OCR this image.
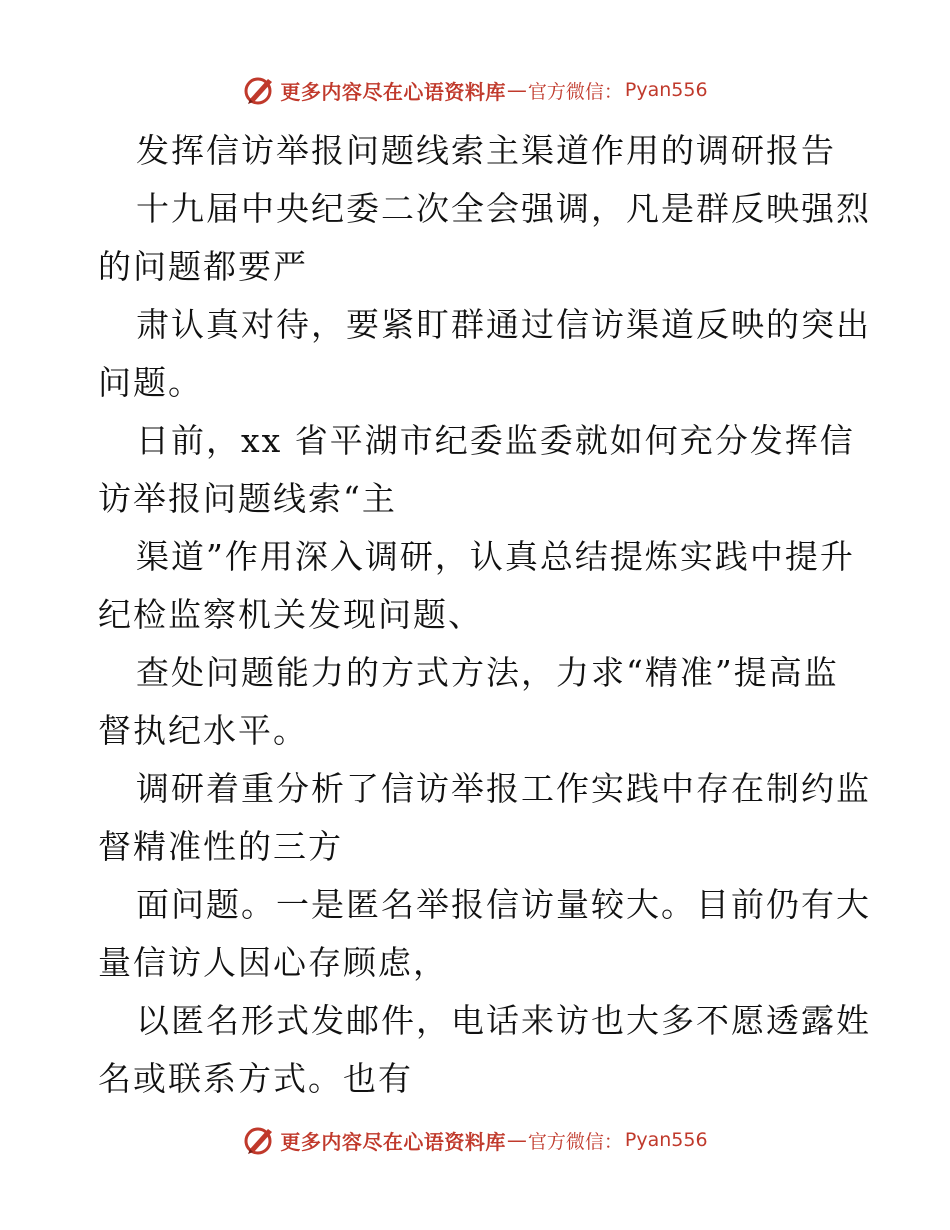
更多内容尽在心语资料库 — 官方微信： Pyan556
发挥信访举报问题线索主渠道作用的调研报告
十九届中央纪委二次全会强调，凡是群反映强烈
的问题都要严
肃认真对待，要紧盯群通过信访渠道反映的突出
问题。
日前，xx 省平湖市纪委监委就如何充分发挥信
访举报问题线索“主
渠道”作用深入调研，认真总结提炼实践中提升
纪检监察机关发现问题、
查处问题能力的方式方法，力求“精准”提高监
督执纪水平。
调研着重分析了信访举报工作实践中存在制约监
督精准性的三方
面问题。一是匿名举报信访量较大。目前仍有大
量信访人因心存顾虑，
以匿名形式发邮件，电话来访也大多不愿透露姓
名或联系方式。也有
更多内容尽在心语资料库 — 官方微信： Pyan556
